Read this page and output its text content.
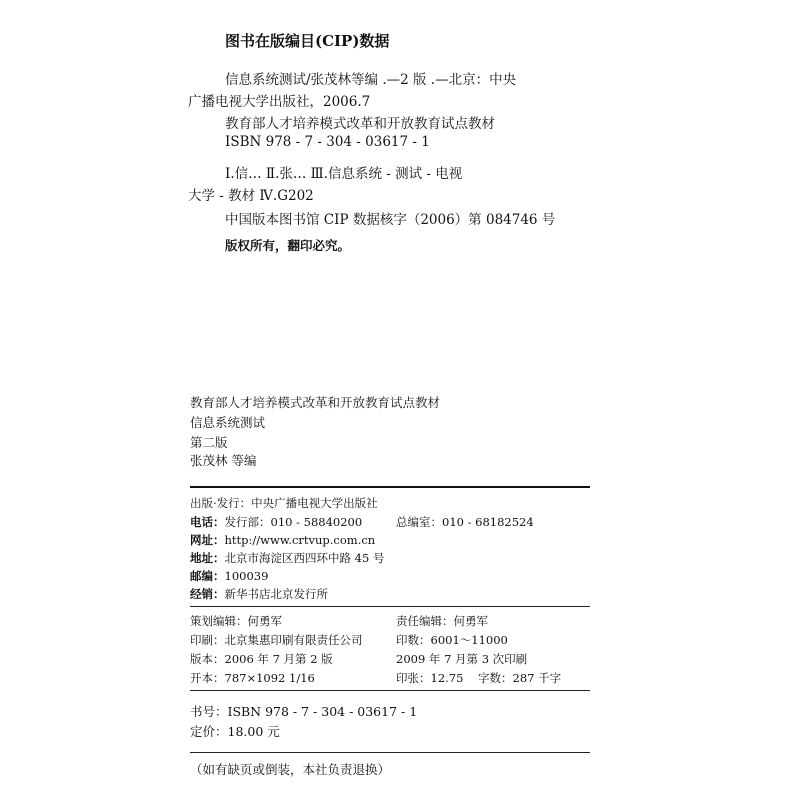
图书在版编目(CIP)数据
信息系统测试/张茂林等编 .—2 版 .—北京：中央
广播电视大学出版社，2006.7
教育部人才培养模式改革和开放教育试点教材
ISBN 978 - 7 - 304 - 03617 - 1
Ⅰ.信… Ⅱ.张… Ⅲ.信息系统 - 测试 - 电视
大学 - 教材 Ⅳ.G202
中国版本图书馆 CIP 数据核字（2006）第 084746 号
版权所有，翻印必究。
教育部人才培养模式改革和开放教育试点教材
信息系统测试
第二版
张茂林 等编
出版·发行：中央广播电视大学出版社
电话：发行部：010 - 58840200	总编室：010 - 68182524
网址：http://www.crtvup.com.cn
地址：北京市海淀区西四环中路 45 号
邮编：100039
经销：新华书店北京发行所
策划编辑：何勇军	责任编辑：何勇军
印刷：北京集惠印刷有限责任公司	印数：6001～11000
版本：2006 年 7 月第 2 版	2009 年 7 月第 3 次印刷
开本：787×1092 1/16	印张：12.75 字数：287 千字
书号：ISBN 978 - 7 - 304 - 03617 - 1
定价：18.00 元
（如有缺页或倒装，本社负责退换）
